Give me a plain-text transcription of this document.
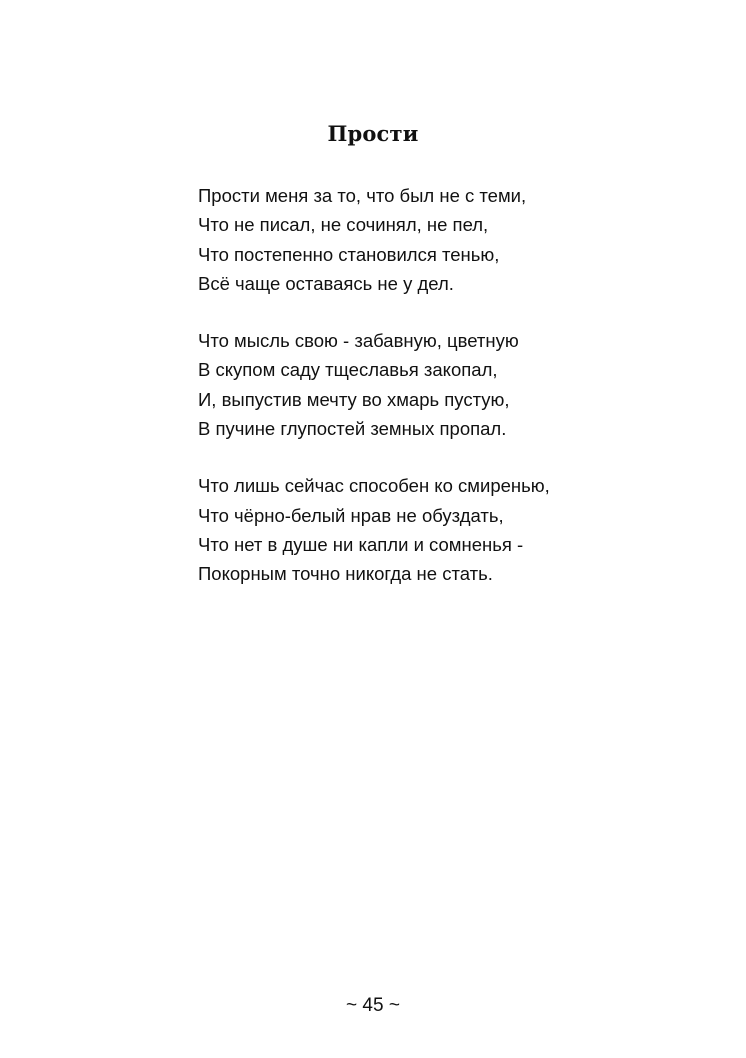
Прости
Прости меня за то, что был не с теми,
Что не писал, не сочинял, не пел,
Что постепенно становился тенью,
Всё чаще оставаясь не у дел.
Что мысль свою - забавную, цветную
В скупом саду тщеславья закопал,
И, выпустив мечту во хмарь пустую,
В пучине глупостей земных пропал.
Что лишь сейчас способен ко смиренью,
Что чёрно-белый нрав не обуздать,
Что нет в душе ни капли и сомненья -
Покорным точно никогда не стать.
~ 45 ~
